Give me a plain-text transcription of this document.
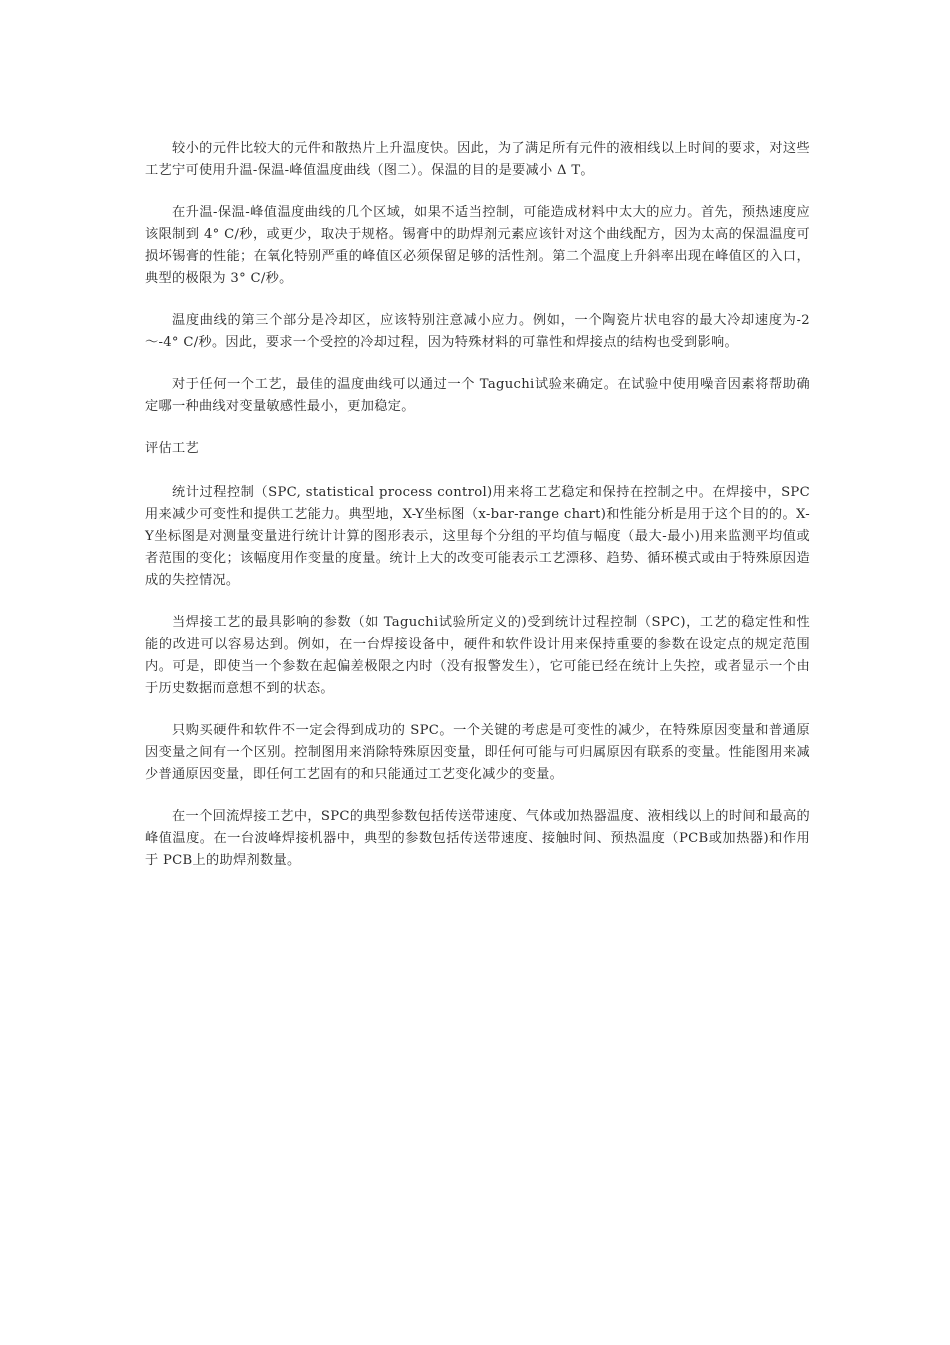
较小的元件比较大的元件和散热片上升温度快。因此，为了满足所有元件的液相线以上时间的要求，对这些工艺宁可使用升温-保温-峰值温度曲线（图二）。保温的目的是要减小 Δ T。

在升温-保温-峰值温度曲线的几个区域，如果不适当控制，可能造成材料中太大的应力。首先，预热速度应该限制到 4° C/秒，或更少，取决于规格。锡膏中的助焊剂元素应该针对这个曲线配方，因为太高的保温温度可损坏锡膏的性能；在氧化特别严重的峰值区必须保留足够的活性剂。第二个温度上升斜率出现在峰值区的入口，典型的极限为 3° C/秒。

温度曲线的第三个部分是冷却区，应该特别注意减小应力。例如，一个陶瓷片状电容的最大冷却速度为-2～-4° C/秒。因此，要求一个受控的冷却过程，因为特殊材料的可靠性和焊接点的结构也受到影响。

对于任何一个工艺，最佳的温度曲线可以通过一个 Taguchi试验来确定。在试验中使用噪音因素将帮助确定哪一种曲线对变量敏感性最小，更加稳定。

评估工艺

统计过程控制（SPC, statistical process control)用来将工艺稳定和保持在控制之中。在焊接中，SPC用来减少可变性和提供工艺能力。典型地，X-Y坐标图（x-bar-range chart)和性能分析是用于这个目的的。X-Y坐标图是对测量变量进行统计计算的图形表示，这里每个分组的平均值与幅度（最大-最小)用来监测平均值或者范围的变化；该幅度用作变量的度量。统计上大的改变可能表示工艺漂移、趋势、循环模式或由于特殊原因造成的失控情况。

当焊接工艺的最具影响的参数（如 Taguchi试验所定义的)受到统计过程控制（SPC)，工艺的稳定性和性能的改进可以容易达到。例如，在一台焊接设备中，硬件和软件设计用来保持重要的参数在设定点的规定范围内。可是，即使当一个参数在起偏差极限之内时（没有报警发生），它可能已经在统计上失控，或者显示一个由于历史数据而意想不到的状态。

只购买硬件和软件不一定会得到成功的 SPC。一个关键的考虑是可变性的减少，在特殊原因变量和普通原因变量之间有一个区别。控制图用来消除特殊原因变量，即任何可能与可归属原因有联系的变量。性能图用来减少普通原因变量，即任何工艺固有的和只能通过工艺变化减少的变量。

在一个回流焊接工艺中，SPC的典型参数包括传送带速度、气体或加热器温度、液相线以上的时间和最高的峰值温度。在一台波峰焊接机器中，典型的参数包括传送带速度、接触时间、预热温度（PCB或加热器)和作用于 PCB上的助焊剂数量。
